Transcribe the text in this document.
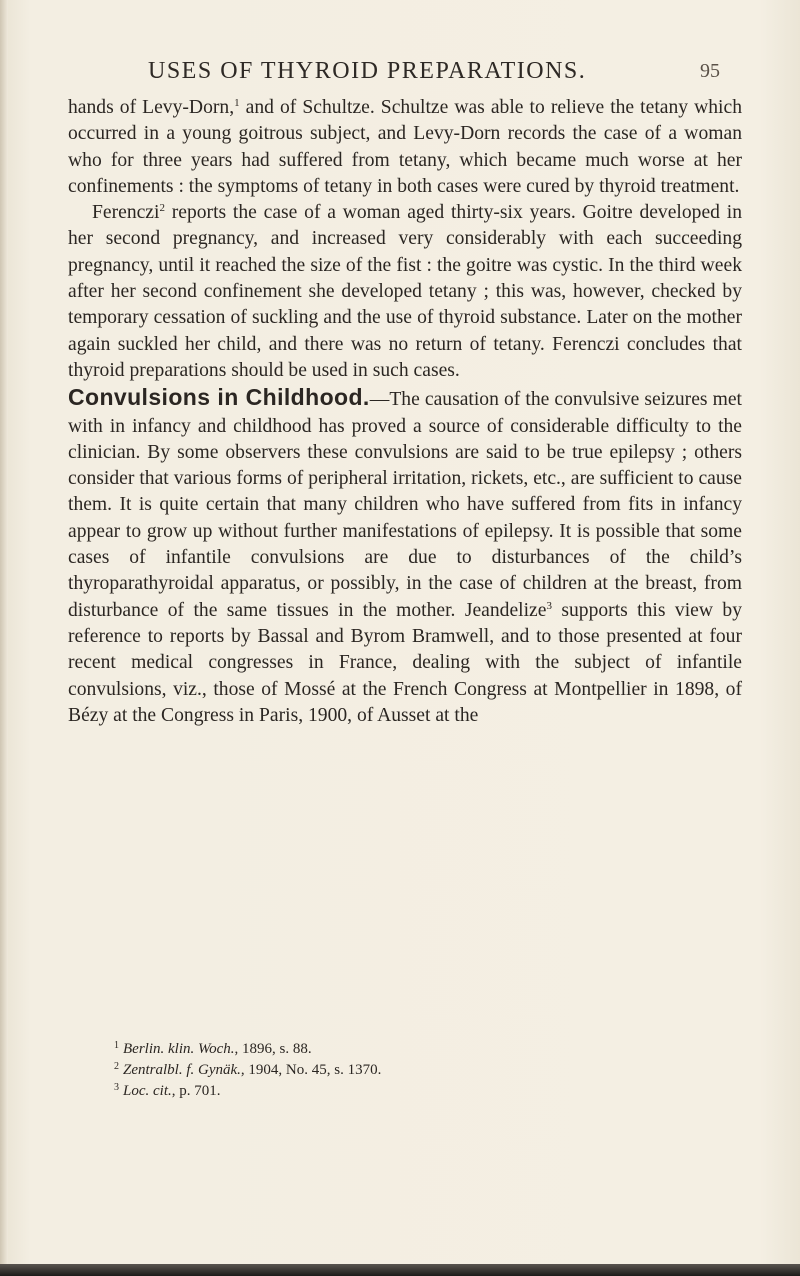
USES OF THYROID PREPARATIONS.	95

hands of Levy-Dorn,$^1$ and of Schultze. Schultze was able to relieve the tetany which occurred in a young goitrous subject, and Levy-Dorn records the case of a woman who for three years had suffered from tetany, which became much worse at her confinements : the symptoms of tetany in both cases were cured by thyroid treatment.

Ferenczi$^2$ reports the case of a woman aged thirty-six years. Goitre developed in her second pregnancy, and increased very considerably with each succeeding pregnancy, until it reached the size of the fist : the goitre was cystic. In the third week after her second confinement she developed tetany ; this was, however, checked by temporary cessation of suckling and the use of thyroid substance. Later on the mother again suckled her child, and there was no return of tetany. Ferenczi concludes that thyroid preparations should be used in such cases.

Convulsions in Childhood.—The causation of the convulsive seizures met with in infancy and childhood has proved a source of considerable difficulty to the clinician. By some observers these convulsions are said to be true epilepsy ; others consider that various forms of peripheral irritation, rickets, etc., are sufficient to cause them. It is quite certain that many children who have suffered from fits in infancy appear to grow up without further manifestations of epilepsy. It is possible that some cases of infantile convulsions are due to disturbances of the child’s thyroparathyroidal apparatus, or possibly, in the case of children at the breast, from disturbance of the same tissues in the mother. Jeandelize$^3$ supports this view by reference to reports by Bassal and Byrom Bramwell, and to those presented at four recent medical congresses in France, dealing with the subject of infantile convulsions, viz., those of Mossé at the French Congress at Montpellier in 1898, of Bézy at the Congress in Paris, 1900, of Ausset at the

$^1$ Berlin. klin. Woch., 1896, s. 88.
$^2$ Zentralbl. f. Gynäk., 1904, No. 45, s. 1370.
$^3$ Loc. cit., p. 701.
